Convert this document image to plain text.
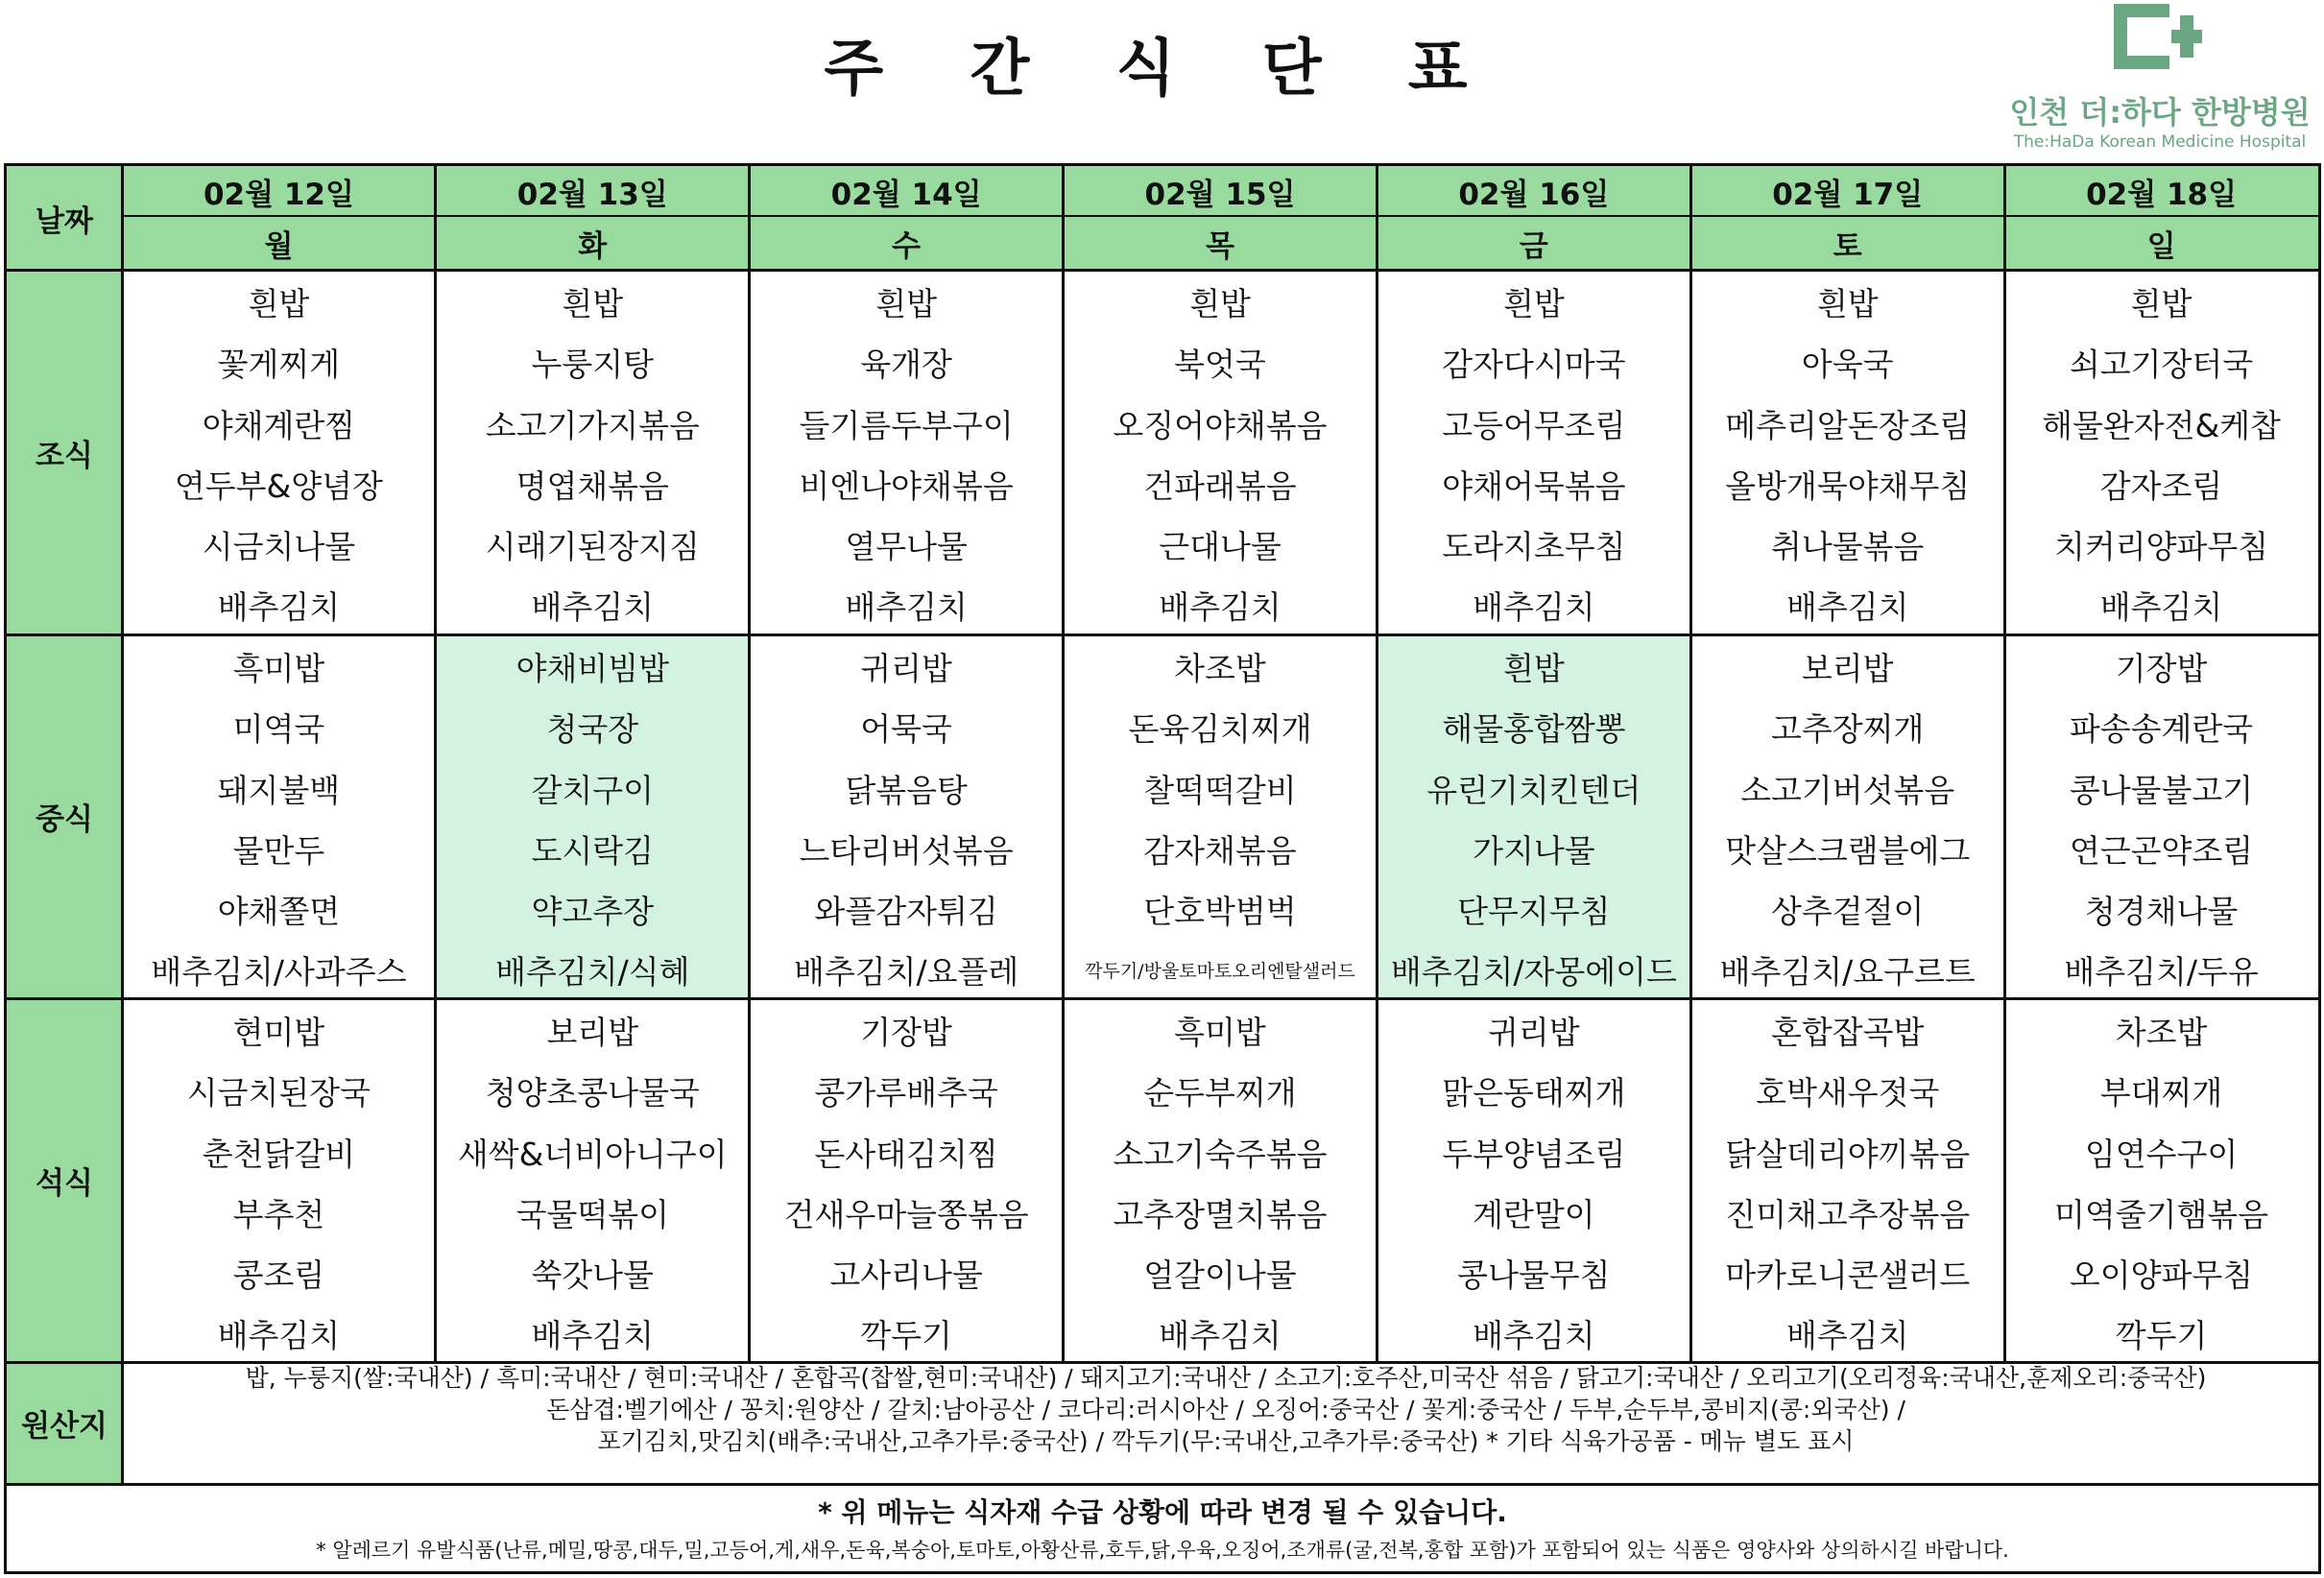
주 간 식 단 표
인천 더:하다 한방병원
The:HaDa Korean Medicine Hospital
날짜
02월 12일
월
02월 13일
화
02월 14일
수
02월 15일
목
02월 16일
금
02월 17일
토
02월 18일
일
조식
흰밥
꽃게찌게
야채계란찜
연두부&양념장
시금치나물
배추김치
흰밥
누룽지탕
소고기가지볶음
명엽채볶음
시래기된장지짐
배추김치
흰밥
육개장
들기름두부구이
비엔나야채볶음
열무나물
배추김치
흰밥
북엇국
오징어야채볶음
건파래볶음
근대나물
배추김치
흰밥
감자다시마국
고등어무조림
야채어묵볶음
도라지초무침
배추김치
흰밥
아욱국
메추리알돈장조림
올방개묵야채무침
취나물볶음
배추김치
흰밥
쇠고기장터국
해물완자전&케찹
감자조림
치커리양파무침
배추김치
중식
흑미밥
미역국
돼지불백
물만두
야채쫄면
배추김치/사과주스
야채비빔밥
청국장
갈치구이
도시락김
약고추장
배추김치/식혜
귀리밥
어묵국
닭볶음탕
느타리버섯볶음
와플감자튀김
배추김치/요플레
차조밥
돈육김치찌개
찰떡떡갈비
감자채볶음
단호박범벅
깍두기/방울토마토오리엔탈샐러드
흰밥
해물홍합짬뽕
유린기치킨텐더
가지나물
단무지무침
배추김치/자몽에이드
보리밥
고추장찌개
소고기버섯볶음
맛살스크램블에그
상추겉절이
배추김치/요구르트
기장밥
파송송계란국
콩나물불고기
연근곤약조림
청경채나물
배추김치/두유
석식
현미밥
시금치된장국
춘천닭갈비
부추천
콩조림
배추김치
보리밥
청양초콩나물국
새싹&너비아니구이
국물떡볶이
쑥갓나물
배추김치
기장밥
콩가루배추국
돈사태김치찜
건새우마늘쫑볶음
고사리나물
깍두기
흑미밥
순두부찌개
소고기숙주볶음
고추장멸치볶음
얼갈이나물
배추김치
귀리밥
맑은동태찌개
두부양념조림
계란말이
콩나물무침
배추김치
혼합잡곡밥
호박새우젓국
닭살데리야끼볶음
진미채고추장볶음
마카로니콘샐러드
배추김치
차조밥
부대찌개
임연수구이
미역줄기햄볶음
오이양파무침
깍두기
원산지
밥, 누룽지(쌀:국내산) / 흑미:국내산 / 현미:국내산 / 혼합곡(찹쌀,현미:국내산) / 돼지고기:국내산 / 소고기:호주산,미국산 섞음 / 닭고기:국내산 / 오리고기(오리정육:국내산,훈제오리:중국산)
돈삼겹:벨기에산 / 꽁치:원양산 / 갈치:남아공산 / 코다리:러시아산 / 오징어:중국산 / 꽃게:중국산 / 두부,순두부,콩비지(콩:외국산) /
포기김치,맛김치(배추:국내산,고추가루:중국산) / 깍두기(무:국내산,고추가루:중국산) * 기타 식육가공품 - 메뉴 별도 표시
* 위 메뉴는 식자재 수급 상황에 따라 변경 될 수 있습니다.
* 알레르기 유발식품(난류,메밀,땅콩,대두,밀,고등어,게,새우,돈육,복숭아,토마토,아황산류,호두,닭,우육,오징어,조개류(굴,전복,홍합 포함)가 포함되어 있는 식품은 영양사와 상의하시길 바랍니다.
